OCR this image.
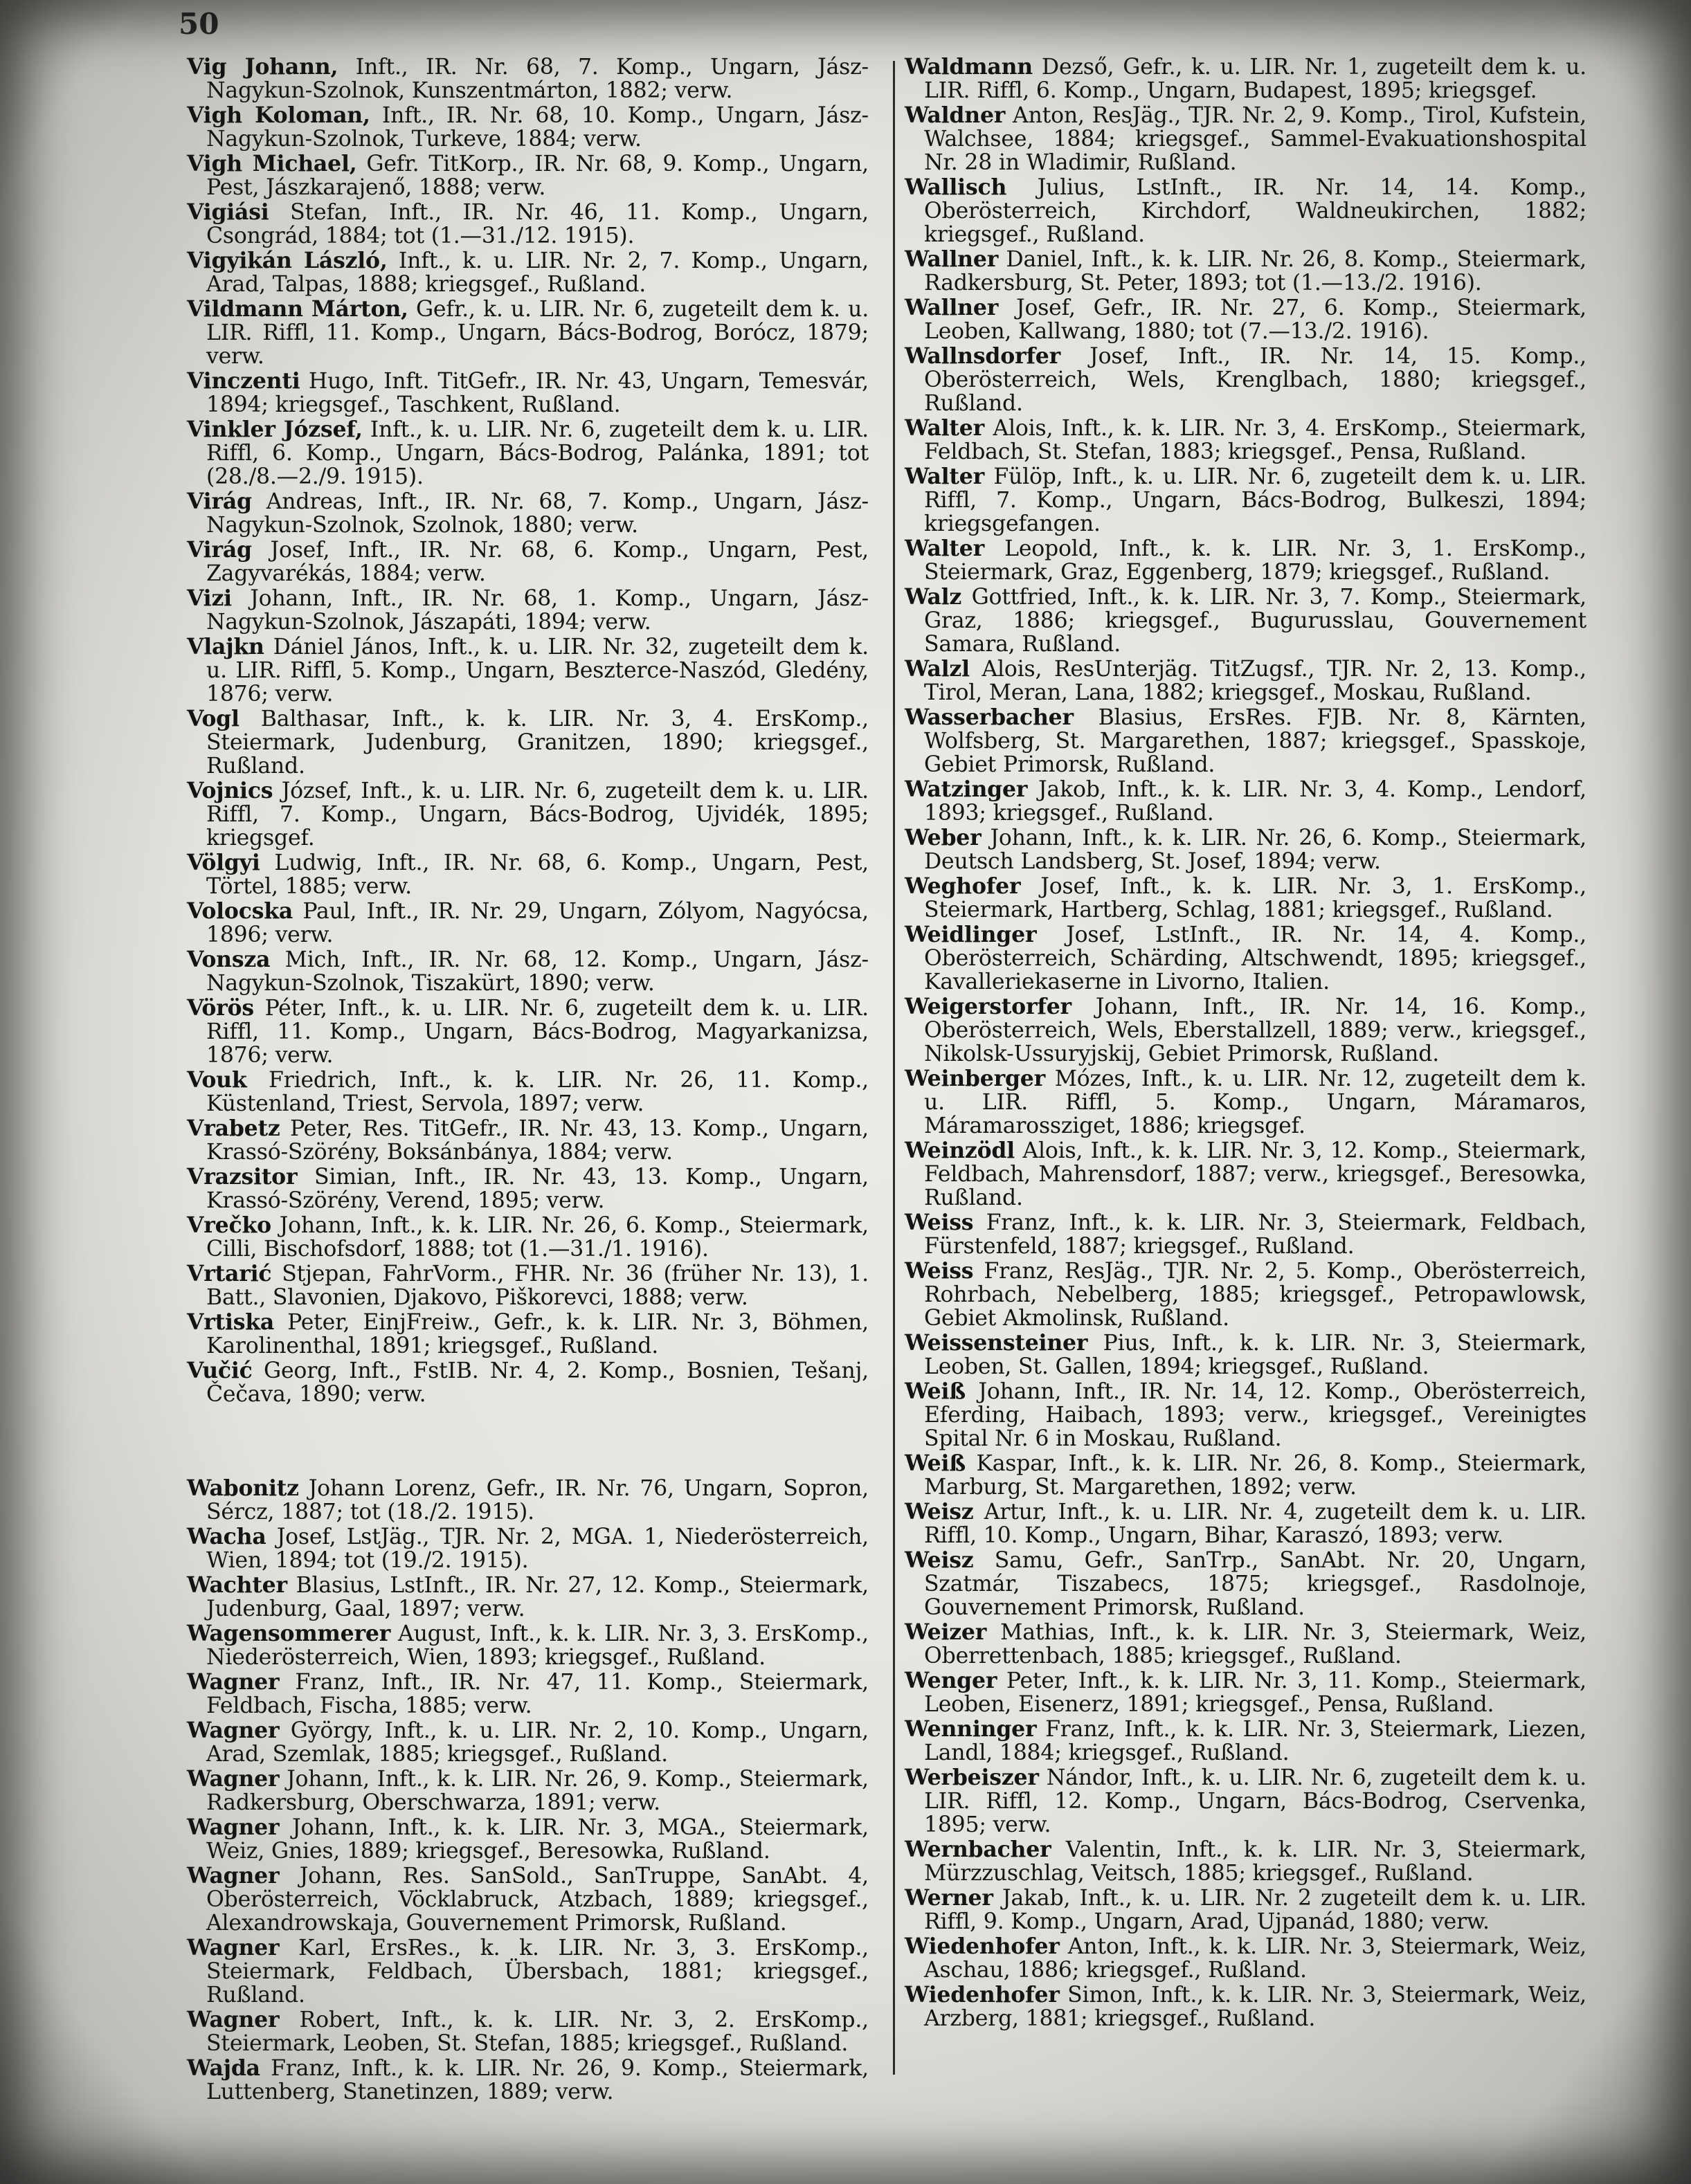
50
Vig Johann, Inft., IR. Nr. 68, 7. Komp., Ungarn, Jász-Nagykun-Szolnok, Kunszentmárton, 1882; verw.
Vigh Koloman, Inft., IR. Nr. 68, 10. Komp., Ungarn, Jász-Nagykun-Szolnok, Turkeve, 1884; verw.
Vigh Michael, Gefr. TitKorp., IR. Nr. 68, 9. Komp., Ungarn, Pest, Jászkarajenő, 1888; verw.
Vigiási Stefan, Inft., IR. Nr. 46, 11. Komp., Ungarn, Csongrád, 1884; tot (1.—31./12. 1915).
Vigyikán László, Inft., k. u. LIR. Nr. 2, 7. Komp., Ungarn, Arad, Talpas, 1888; kriegsgef., Rußland.
Vildmann Márton, Gefr., k. u. LIR. Nr. 6, zugeteilt dem k. u. LIR. Riffl, 11. Komp., Ungarn, Bács-Bodrog, Borócz, 1879; verw.
Vinczenti Hugo, Inft. TitGefr., IR. Nr. 43, Ungarn, Temesvár, 1894; kriegsgef., Taschkent, Rußland.
Vinkler József, Inft., k. u. LIR. Nr. 6, zugeteilt dem k. u. LIR. Riffl, 6. Komp., Ungarn, Bács-Bodrog, Palánka, 1891; tot (28./8.—2./9. 1915).
Virág Andreas, Inft., IR. Nr. 68, 7. Komp., Ungarn, Jász-Nagykun-Szolnok, Szolnok, 1880; verw.
Virág Josef, Inft., IR. Nr. 68, 6. Komp., Ungarn, Pest, Zagyvarékás, 1884; verw.
Vizi Johann, Inft., IR. Nr. 68, 1. Komp., Ungarn, Jász-Nagykun-Szolnok, Jászapáti, 1894; verw.
Vlajkn Dániel János, Inft., k. u. LIR. Nr. 32, zugeteilt dem k. u. LIR. Riffl, 5. Komp., Ungarn, Beszterce-Naszód, Gledény, 1876; verw.
Vogl Balthasar, Inft., k. k. LIR. Nr. 3, 4. ErsKomp., Steiermark, Judenburg, Granitzen, 1890; kriegsgef., Rußland.
Vojnics József, Inft., k. u. LIR. Nr. 6, zugeteilt dem k. u. LIR. Riffl, 7. Komp., Ungarn, Bács-Bodrog, Ujvidék, 1895; kriegsgef.
Völgyi Ludwig, Inft., IR. Nr. 68, 6. Komp., Ungarn, Pest, Törtel, 1885; verw.
Volocska Paul, Inft., IR. Nr. 29, Ungarn, Zólyom, Nagyócsa, 1896; verw.
Vonsza Mich, Inft., IR. Nr. 68, 12. Komp., Ungarn, Jász-Nagykun-Szolnok, Tiszakürt, 1890; verw.
Vörös Péter, Inft., k. u. LIR. Nr. 6, zugeteilt dem k. u. LIR. Riffl, 11. Komp., Ungarn, Bács-Bodrog, Magyarkanizsa, 1876; verw.
Vouk Friedrich, Inft., k. k. LIR. Nr. 26, 11. Komp., Küstenland, Triest, Servola, 1897; verw.
Vrabetz Peter, Res. TitGefr., IR. Nr. 43, 13. Komp., Ungarn, Krassó-Szörény, Boksánbánya, 1884; verw.
Vrazsitor Simian, Inft., IR. Nr. 43, 13. Komp., Ungarn, Krassó-Szörény, Verend, 1895; verw.
Vrečko Johann, Inft., k. k. LIR. Nr. 26, 6. Komp., Steiermark, Cilli, Bischofsdorf, 1888; tot (1.—31./1. 1916).
Vrtarić Stjepan, FahrVorm., FHR. Nr. 36 (früher Nr. 13), 1. Batt., Slavonien, Djakovo, Piškorevci, 1888; verw.
Vrtiska Peter, EinjFreiw., Gefr., k. k. LIR. Nr. 3, Böhmen, Karolinenthal, 1891; kriegsgef., Rußland.
Vučić Georg, Inft., FstIB. Nr. 4, 2. Komp., Bosnien, Tešanj, Čečava, 1890; verw.
Wabonitz Johann Lorenz, Gefr., IR. Nr. 76, Ungarn, Sopron, Sércz, 1887; tot (18./2. 1915).
Wacha Josef, LstJäg., TJR. Nr. 2, MGA. 1, Niederösterreich, Wien, 1894; tot (19./2. 1915).
Wachter Blasius, LstInft., IR. Nr. 27, 12. Komp., Steiermark, Judenburg, Gaal, 1897; verw.
Wagensommerer August, Inft., k. k. LIR. Nr. 3, 3. ErsKomp., Niederösterreich, Wien, 1893; kriegsgef., Rußland.
Wagner Franz, Inft., IR. Nr. 47, 11. Komp., Steiermark, Feldbach, Fischa, 1885; verw.
Wagner György, Inft., k. u. LIR. Nr. 2, 10. Komp., Ungarn, Arad, Szemlak, 1885; kriegsgef., Rußland.
Wagner Johann, Inft., k. k. LIR. Nr. 26, 9. Komp., Steiermark, Radkersburg, Oberschwarza, 1891; verw.
Wagner Johann, Inft., k. k. LIR. Nr. 3, MGA., Steiermark, Weiz, Gnies, 1889; kriegsgef., Beresowka, Rußland.
Wagner Johann, Res. SanSold., SanTruppe, SanAbt. 4, Oberösterreich, Vöcklabruck, Atzbach, 1889; kriegsgef., Alexandrowskaja, Gouvernement Primorsk, Rußland.
Wagner Karl, ErsRes., k. k. LIR. Nr. 3, 3. ErsKomp., Steiermark, Feldbach, Übersbach, 1881; kriegsgef., Rußland.
Wagner Robert, Inft., k. k. LIR. Nr. 3, 2. ErsKomp., Steiermark, Leoben, St. Stefan, 1885; kriegsgef., Rußland.
Wajda Franz, Inft., k. k. LIR. Nr. 26, 9. Komp., Steiermark, Luttenberg, Stanetinzen, 1889; verw.
Waldmann Dezső, Gefr., k. u. LIR. Nr. 1, zugeteilt dem k. u. LIR. Riffl, 6. Komp., Ungarn, Budapest, 1895; kriegsgef.
Waldner Anton, ResJäg., TJR. Nr. 2, 9. Komp., Tirol, Kufstein, Walchsee, 1884; kriegsgef., Sammel-Evakuationshospital Nr. 28 in Wladimir, Rußland.
Wallisch Julius, LstInft., IR. Nr. 14, 14. Komp., Oberösterreich, Kirchdorf, Waldneukirchen, 1882; kriegsgef., Rußland.
Wallner Daniel, Inft., k. k. LIR. Nr. 26, 8. Komp., Steiermark, Radkersburg, St. Peter, 1893; tot (1.—13./2. 1916).
Wallner Josef, Gefr., IR. Nr. 27, 6. Komp., Steiermark, Leoben, Kallwang, 1880; tot (7.—13./2. 1916).
Wallnsdorfer Josef, Inft., IR. Nr. 14, 15. Komp., Oberösterreich, Wels, Krenglbach, 1880; kriegsgef., Rußland.
Walter Alois, Inft., k. k. LIR. Nr. 3, 4. ErsKomp., Steiermark, Feldbach, St. Stefan, 1883; kriegsgef., Pensa, Rußland.
Walter Fülöp, Inft., k. u. LIR. Nr. 6, zugeteilt dem k. u. LIR. Riffl, 7. Komp., Ungarn, Bács-Bodrog, Bulkeszi, 1894; kriegsgefangen.
Walter Leopold, Inft., k. k. LIR. Nr. 3, 1. ErsKomp., Steiermark, Graz, Eggenberg, 1879; kriegsgef., Rußland.
Walz Gottfried, Inft., k. k. LIR. Nr. 3, 7. Komp., Steiermark, Graz, 1886; kriegsgef., Bugurusslau, Gouvernement Samara, Rußland.
Walzl Alois, ResUnterjäg. TitZugsf., TJR. Nr. 2, 13. Komp., Tirol, Meran, Lana, 1882; kriegsgef., Moskau, Rußland.
Wasserbacher Blasius, ErsRes. FJB. Nr. 8, Kärnten, Wolfsberg, St. Margarethen, 1887; kriegsgef., Spasskoje, Gebiet Primorsk, Rußland.
Watzinger Jakob, Inft., k. k. LIR. Nr. 3, 4. Komp., Lendorf, 1893; kriegsgef., Rußland.
Weber Johann, Inft., k. k. LIR. Nr. 26, 6. Komp., Steiermark, Deutsch Landsberg, St. Josef, 1894; verw.
Weghofer Josef, Inft., k. k. LIR. Nr. 3, 1. ErsKomp., Steiermark, Hartberg, Schlag, 1881; kriegsgef., Rußland.
Weidlinger Josef, LstInft., IR. Nr. 14, 4. Komp., Oberösterreich, Schärding, Altschwendt, 1895; kriegsgef., Kavalleriekaserne in Livorno, Italien.
Weigerstorfer Johann, Inft., IR. Nr. 14, 16. Komp., Oberösterreich, Wels, Eberstallzell, 1889; verw., kriegsgef., Nikolsk-Ussuryjskij, Gebiet Primorsk, Rußland.
Weinberger Mózes, Inft., k. u. LIR. Nr. 12, zugeteilt dem k. u. LIR. Riffl, 5. Komp., Ungarn, Máramaros, Máramarossziget, 1886; kriegsgef.
Weinzödl Alois, Inft., k. k. LIR. Nr. 3, 12. Komp., Steiermark, Feldbach, Mahrensdorf, 1887; verw., kriegsgef., Beresowka, Rußland.
Weiss Franz, Inft., k. k. LIR. Nr. 3, Steiermark, Feldbach, Fürstenfeld, 1887; kriegsgef., Rußland.
Weiss Franz, ResJäg., TJR. Nr. 2, 5. Komp., Oberösterreich, Rohrbach, Nebelberg, 1885; kriegsgef., Petropawlowsk, Gebiet Akmolinsk, Rußland.
Weissensteiner Pius, Inft., k. k. LIR. Nr. 3, Steiermark, Leoben, St. Gallen, 1894; kriegsgef., Rußland.
Weiß Johann, Inft., IR. Nr. 14, 12. Komp., Oberösterreich, Eferding, Haibach, 1893; verw., kriegsgef., Vereinigtes Spital Nr. 6 in Moskau, Rußland.
Weiß Kaspar, Inft., k. k. LIR. Nr. 26, 8. Komp., Steiermark, Marburg, St. Margarethen, 1892; verw.
Weisz Artur, Inft., k. u. LIR. Nr. 4, zugeteilt dem k. u. LIR. Riffl, 10. Komp., Ungarn, Bihar, Karaszó, 1893; verw.
Weisz Samu, Gefr., SanTrp., SanAbt. Nr. 20, Ungarn, Szatmár, Tiszabecs, 1875; kriegsgef., Rasdolnoje, Gouvernement Primorsk, Rußland.
Weizer Mathias, Inft., k. k. LIR. Nr. 3, Steiermark, Weiz, Oberrettenbach, 1885; kriegsgef., Rußland.
Wenger Peter, Inft., k. k. LIR. Nr. 3, 11. Komp., Steiermark, Leoben, Eisenerz, 1891; kriegsgef., Pensa, Rußland.
Wenninger Franz, Inft., k. k. LIR. Nr. 3, Steiermark, Liezen, Landl, 1884; kriegsgef., Rußland.
Werbeiszer Nándor, Inft., k. u. LIR. Nr. 6, zugeteilt dem k. u. LIR. Riffl, 12. Komp., Ungarn, Bács-Bodrog, Cservenka, 1895; verw.
Wernbacher Valentin, Inft., k. k. LIR. Nr. 3, Steiermark, Mürzzuschlag, Veitsch, 1885; kriegsgef., Rußland.
Werner Jakab, Inft., k. u. LIR. Nr. 2 zugeteilt dem k. u. LIR. Riffl, 9. Komp., Ungarn, Arad, Ujpanád, 1880; verw.
Wiedenhofer Anton, Inft., k. k. LIR. Nr. 3, Steiermark, Weiz, Aschau, 1886; kriegsgef., Rußland.
Wiedenhofer Simon, Inft., k. k. LIR. Nr. 3, Steiermark, Weiz, Arzberg, 1881; kriegsgef., Rußland.
